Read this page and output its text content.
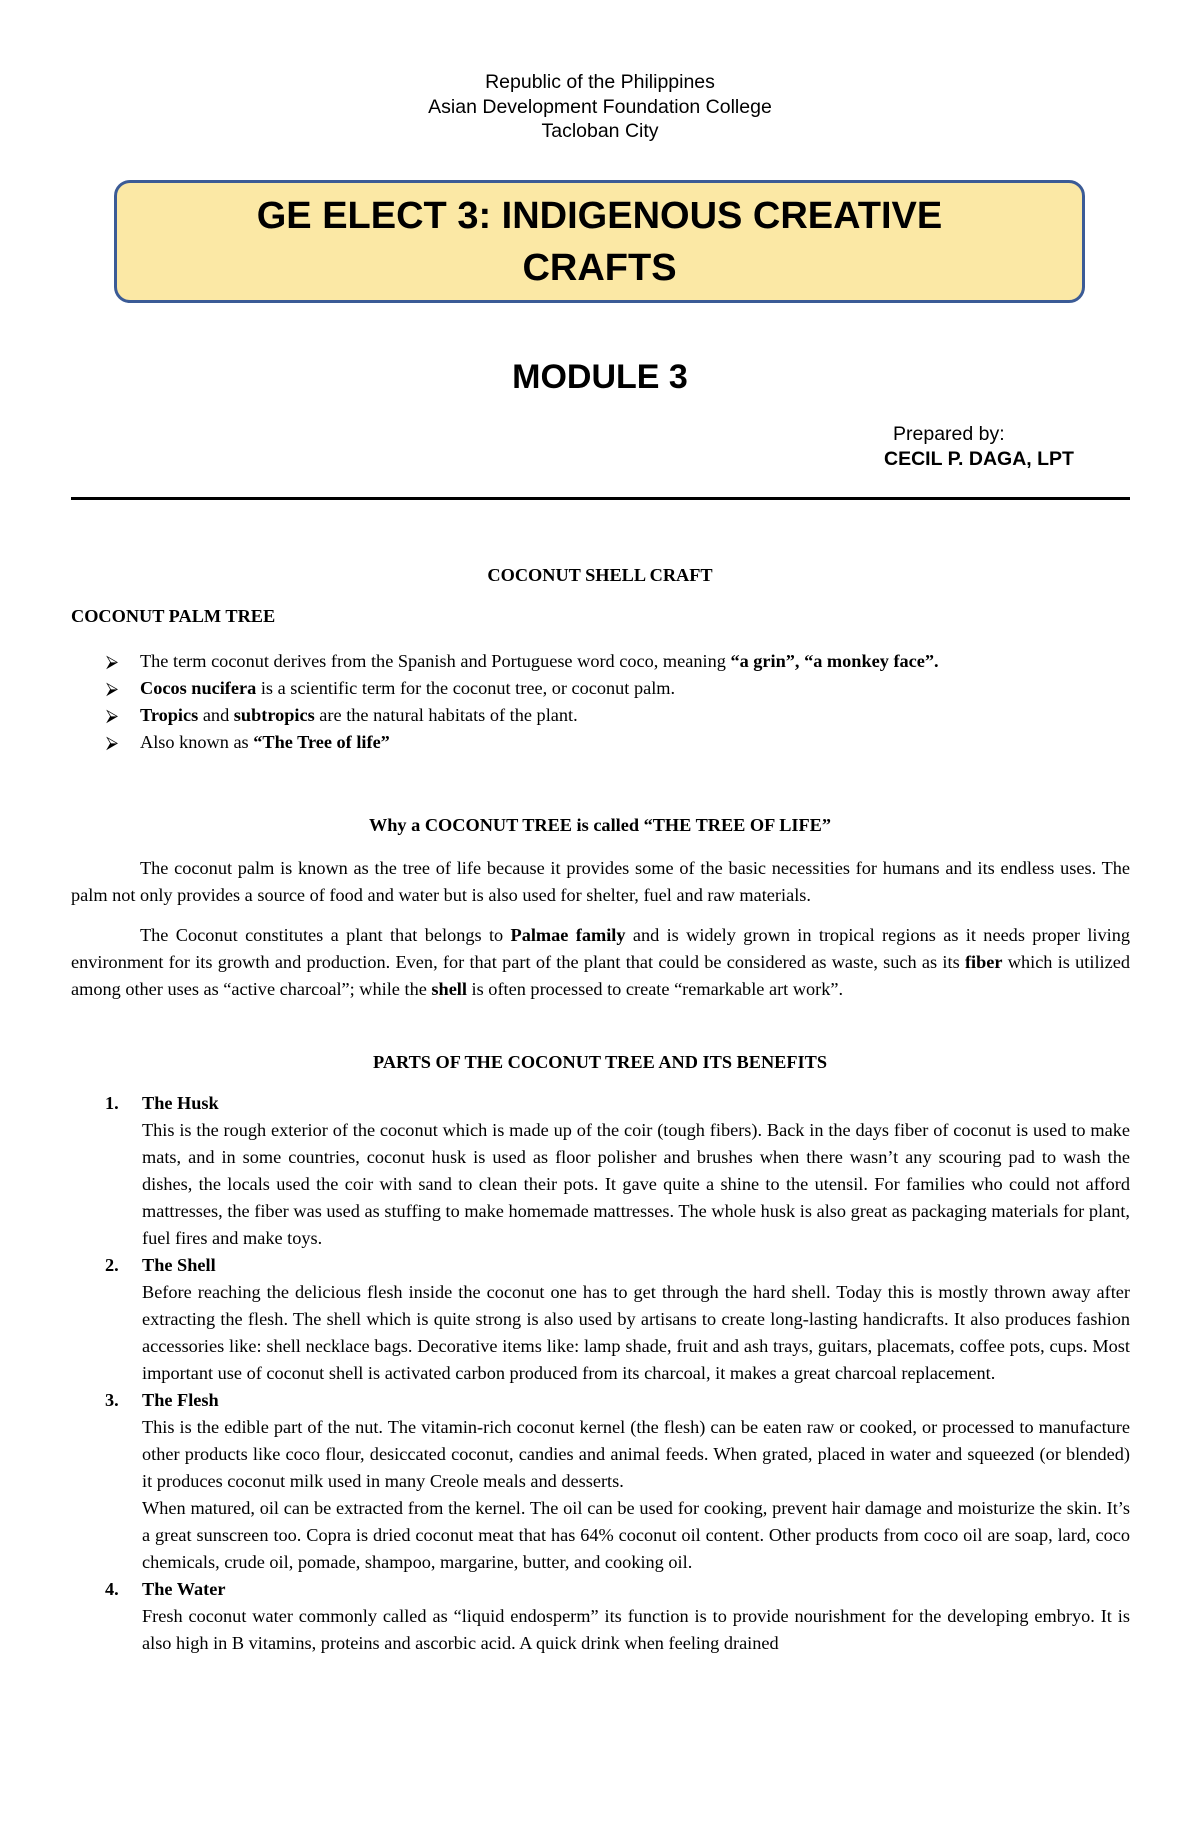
Republic of the Philippines
Asian Development Foundation College
Tacloban City
GE ELECT 3: INDIGENOUS CREATIVE CRAFTS
MODULE 3
Prepared by:
CECIL P. DAGA, LPT
COCONUT SHELL CRAFT
COCONUT PALM TREE
⮚ The term coconut derives from the Spanish and Portuguese word coco, meaning “a grin”, “a monkey face”.
⮚ Cocos nucifera is a scientific term for the coconut tree, or coconut palm.
⮚ Tropics and subtropics are the natural habitats of the plant.
⮚ Also known as “The Tree of life”
Why a COCONUT TREE is called “THE TREE OF LIFE”

The coconut palm is known as the tree of life because it provides some of the basic necessities for humans and its endless uses. The palm not only provides a source of food and water but is also used for shelter, fuel and raw materials.

The Coconut constitutes a plant that belongs to Palmae family and is widely grown in tropical regions as it needs proper living environment for its growth and production. Even, for that part of the plant that could be considered as waste, such as its fiber which is utilized among other uses as “active charcoal”; while the shell is often processed to create “remarkable art work”.

PARTS OF THE COCONUT TREE AND ITS BENEFITS
1. The Husk
This is the rough exterior of the coconut which is made up of the coir (tough fibers). Back in the days fiber of coconut is used to make mats, and in some countries, coconut husk is used as floor polisher and brushes when there wasn’t any scouring pad to wash the dishes, the locals used the coir with sand to clean their pots. It gave quite a shine to the utensil. For families who could not afford mattresses, the fiber was used as stuffing to make homemade mattresses. The whole husk is also great as packaging materials for plant, fuel fires and make toys.
2. The Shell
Before reaching the delicious flesh inside the coconut one has to get through the hard shell. Today this is mostly thrown away after extracting the flesh. The shell which is quite strong is also used by artisans to create long-lasting handicrafts. It also produces fashion accessories like: shell necklace bags. Decorative items like: lamp shade, fruit and ash trays, guitars, placemats, coffee pots, cups. Most important use of coconut shell is activated carbon produced from its charcoal, it makes a great charcoal replacement.
3. The Flesh
This is the edible part of the nut. The vitamin-rich coconut kernel (the flesh) can be eaten raw or cooked, or processed to manufacture other products like coco flour, desiccated coconut, candies and animal feeds. When grated, placed in water and squeezed (or blended) it produces coconut milk used in many Creole meals and desserts.
When matured, oil can be extracted from the kernel. The oil can be used for cooking, prevent hair damage and moisturize the skin. It’s a great sunscreen too. Copra is dried coconut meat that has 64% coconut oil content. Other products from coco oil are soap, lard, coco chemicals, crude oil, pomade, shampoo, margarine, butter, and cooking oil.
4. The Water
Fresh coconut water commonly called as “liquid endosperm” its function is to provide nourishment for the developing embryo. It is also high in B vitamins, proteins and ascorbic acid. A quick drink when feeling drained
